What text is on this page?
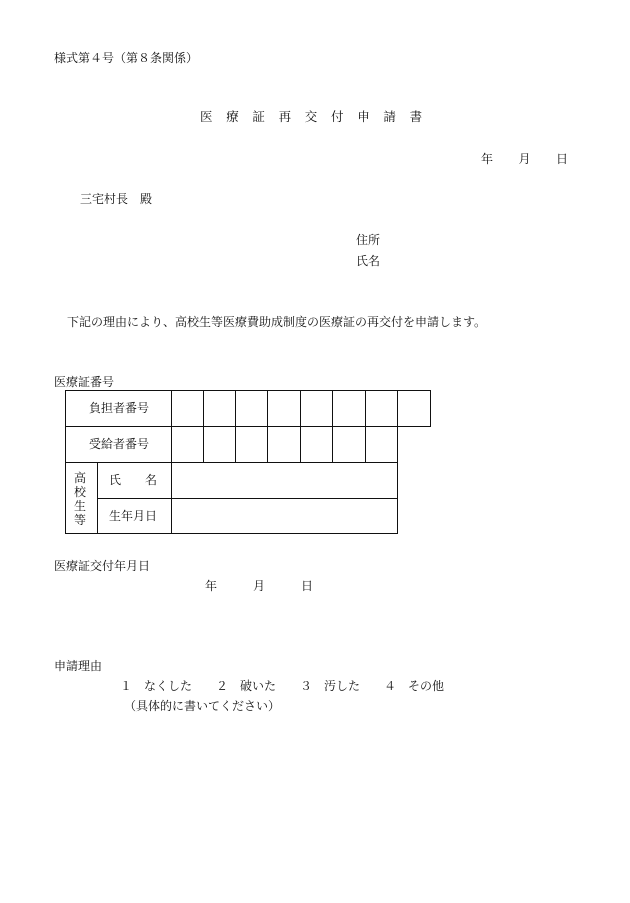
様式第４号（第８条関係）
医　療　証　再　交　付　申　請　書
年　　月　　日
三宅村長　殿
住所
氏名
下記の理由により、高校生等医療費助成制度の医療証の再交付を申請します。
医療証番号
負担者番号
受給者番号
高
校
生
等
氏　　名
生年月日
医療証交付年月日
年　　　月　　　日
申請理由
１　なくした　　２　破いた　　３　汚した　　４　その他
（具体的に書いてください）
